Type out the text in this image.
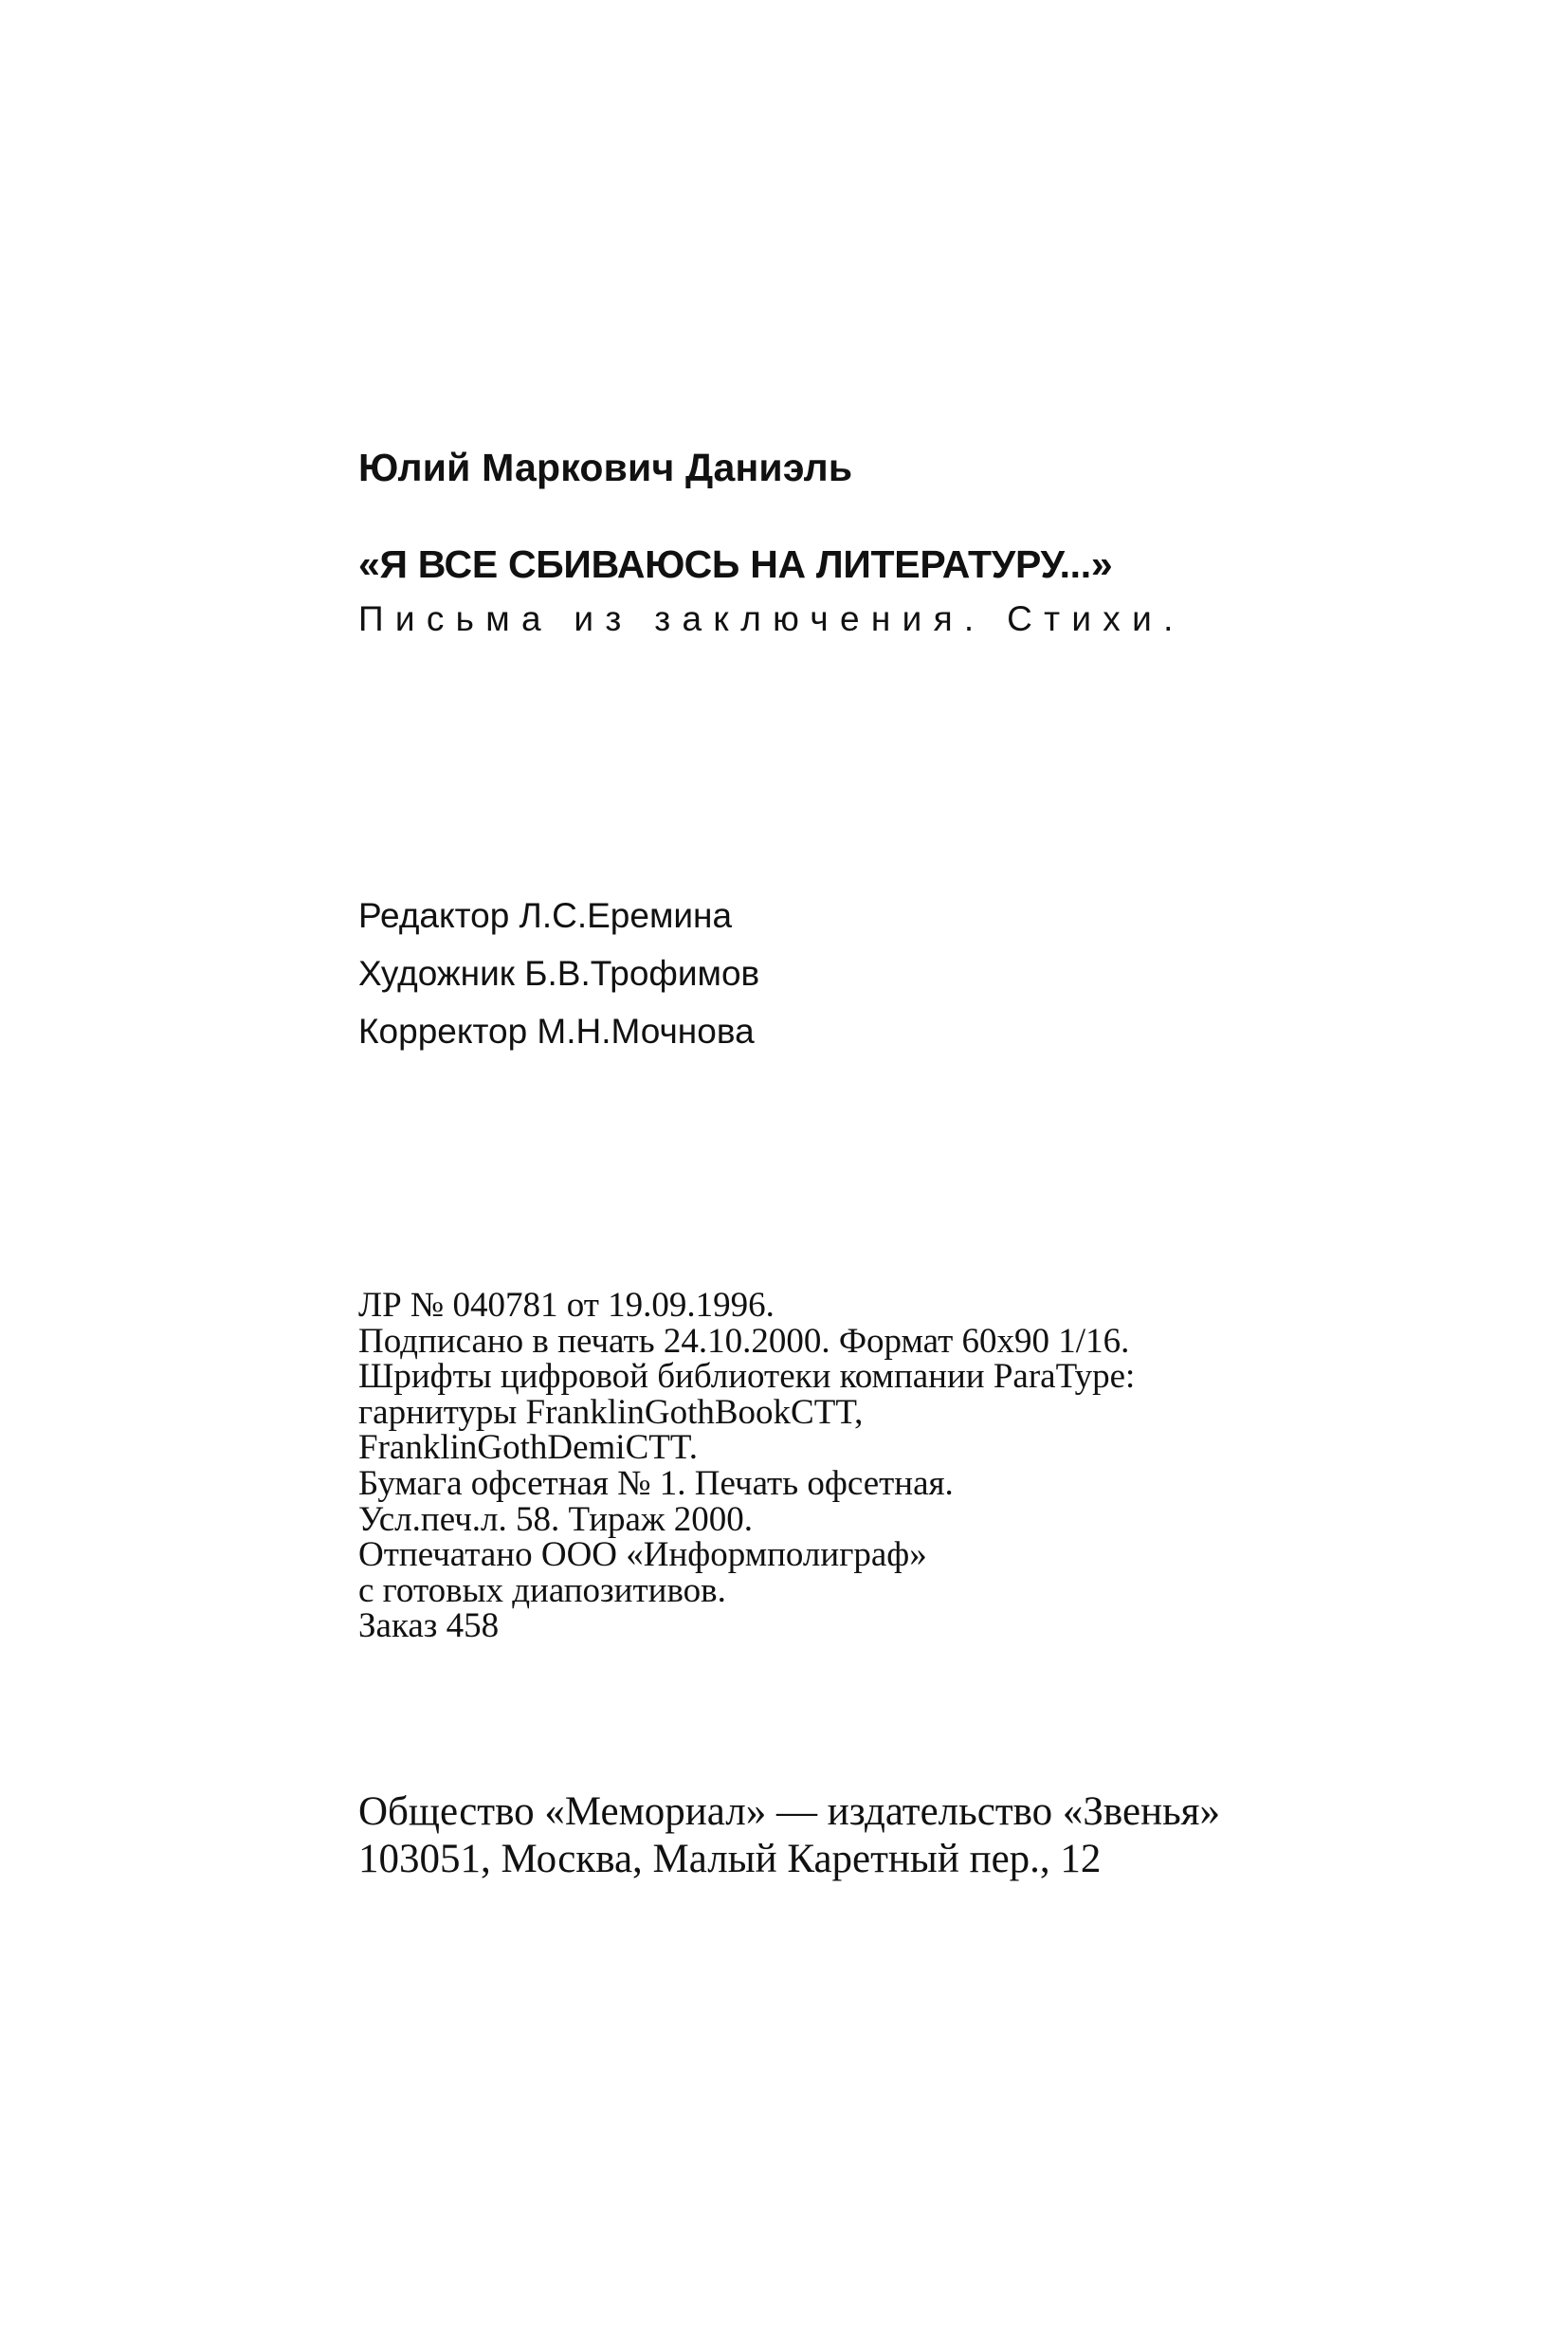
Юлий Маркович Даниэль
«Я ВСЕ СБИВАЮСЬ НА ЛИТЕРАТУРУ...»
Письма из заключения. Стихи.
Редактор Л.С.Еремина
Художник Б.В.Трофимов
Корректор М.Н.Мочнова
ЛР № 040781 от 19.09.1996.
Подписано в печать 24.10.2000. Формат 60x90 1/16.
Шрифты цифровой библиотеки компании ParaType:
гарнитуры FranklinGothBookCTT,
FranklinGothDemiCTT.
Бумага офсетная № 1. Печать офсетная.
Усл.печ.л. 58. Тираж 2000.
Отпечатано ООО «Информполиграф»
с готовых диапозитивов.
Заказ 458
Общество «Мемориал» — издательство «Звенья»
103051, Москва, Малый Каретный пер., 12
